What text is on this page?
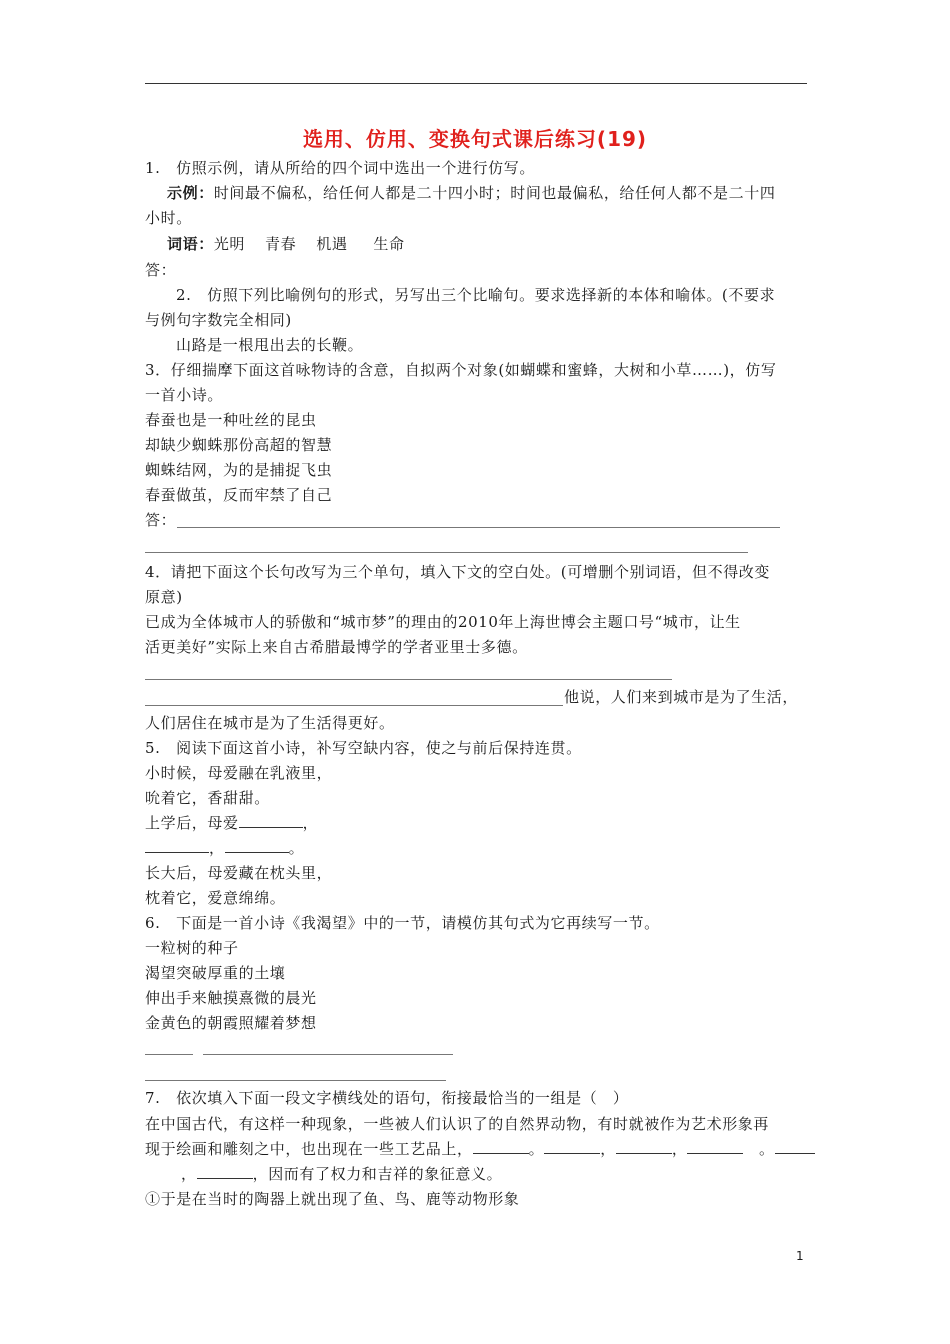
选用、仿用、变换句式课后练习(19)
1.　仿照示例，请从所给的四个词中选出一个进行仿写。
示例：时间最不偏私，给任何人都是二十四小时；时间也最偏私，给任何人都不是二十四
小时。
词语：光明 青春 机遇 生命
答：
2.　仿照下列比喻例句的形式，另写出三个比喻句。要求选择新的本体和喻体。(不要求
与例句字数完全相同)
山路是一根甩出去的长鞭。
3．仔细揣摩下面这首咏物诗的含意，自拟两个对象(如蝴蝶和蜜蜂，大树和小草……)，仿写
一首小诗。
春蚕也是一种吐丝的昆虫
却缺少蜘蛛那份高超的智慧
蜘蛛结网，为的是捕捉飞虫
春蚕做茧，反而牢禁了自己
答：
4．请把下面这个长句改写为三个单句，填入下文的空白处。(可增删个别词语，但不得改变
原意)
已成为全体城市人的骄傲和“城市梦”的理由的2010年上海世博会主题口号“城市，让生
活更美好”实际上来自古希腊最博学的学者亚里士多德。
他说，人们来到城市是为了生活，
人们居住在城市是为了生活得更好。
5.　阅读下面这首小诗，补写空缺内容，使之与前后保持连贯。
小时候，母爱融在乳液里，
吮着它，香甜甜。
上学后，母爱	，
，	。
长大后，母爱藏在枕头里，
枕着它，爱意绵绵。
6.　下面是一首小诗《我渴望》中的一节，请模仿其句式为它再续写一节。
一粒树的种子
渴望突破厚重的土壤
伸出手来触摸熹微的晨光
金黄色的朝霞照耀着梦想
7.　依次填入下面一段文字横线处的语句，衔接最恰当的一组是（　）
在中国古代，有这样一种现象，一些被人们认识了的自然界动物，有时就被作为艺术形象再
现于绘画和雕刻之中，也出现在一些工艺品上，	。	，	，	　。
，	，因而有了权力和吉祥的象征意义。
①于是在当时的陶器上就出现了鱼、鸟、鹿等动物形象
1
